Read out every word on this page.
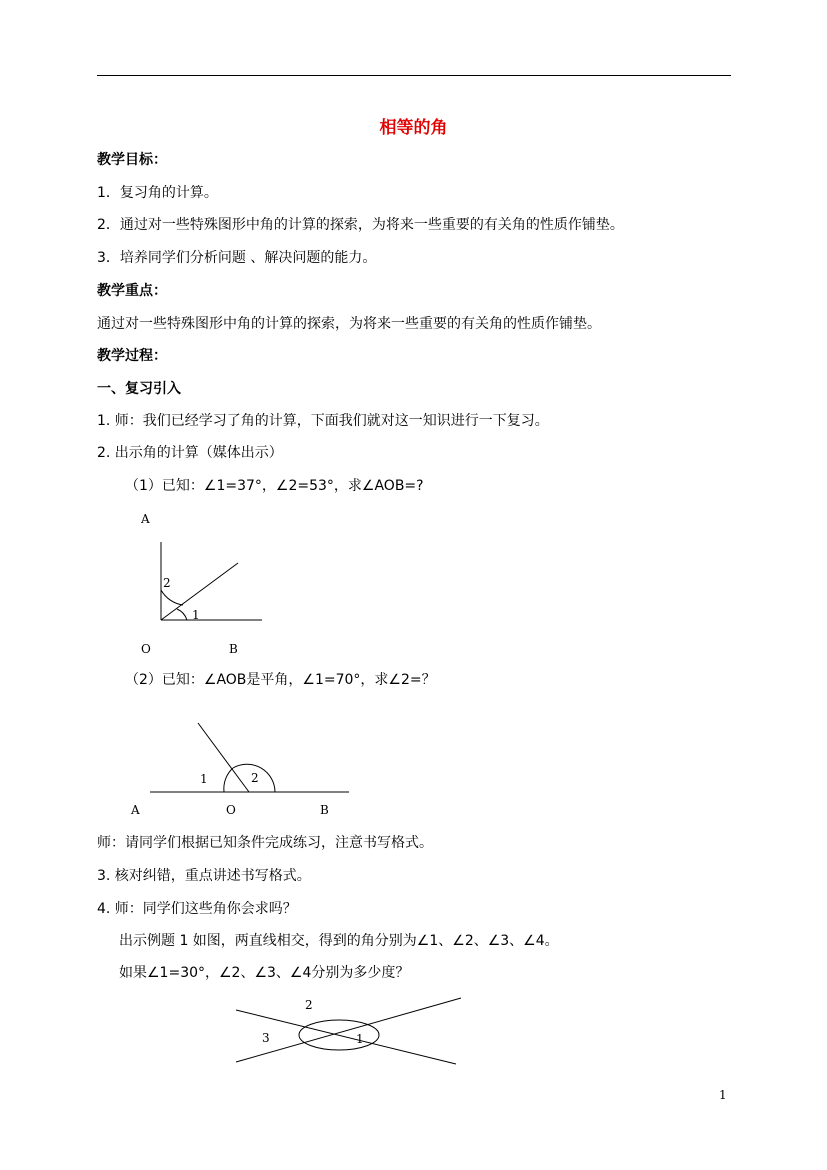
相等的角
教学目标：
1．复习角的计算。
2．通过对一些特殊图形中角的计算的探索，为将来一些重要的有关角的性质作铺垫。
3．培养同学们分析问题 、解决问题的能力。
教学重点：
通过对一些特殊图形中角的计算的探索，为将来一些重要的有关角的性质作铺垫。
教学过程：
一、复习引入
1. 师：我们已经学习了角的计算，下面我们就对这一知识进行一下复习。
2. 出示角的计算（媒体出示）
（1）已知：∠1=37°，∠2=53°，求∠AOB=?
A
2
1
O	B
（2）已知：∠AOB是平角，∠1=70°，求∠2=？
1	2
A	O	B
师：请同学们根据已知条件完成练习，注意书写格式。
3. 核对纠错，重点讲述书写格式。
4. 师：同学们这些角你会求吗？
出示例题 1 如图，两直线相交，得到的角分别为∠1、∠2、∠3、∠4。
如果∠1=30°，∠2、∠3、∠4分别为多少度？
2
3	1
1
